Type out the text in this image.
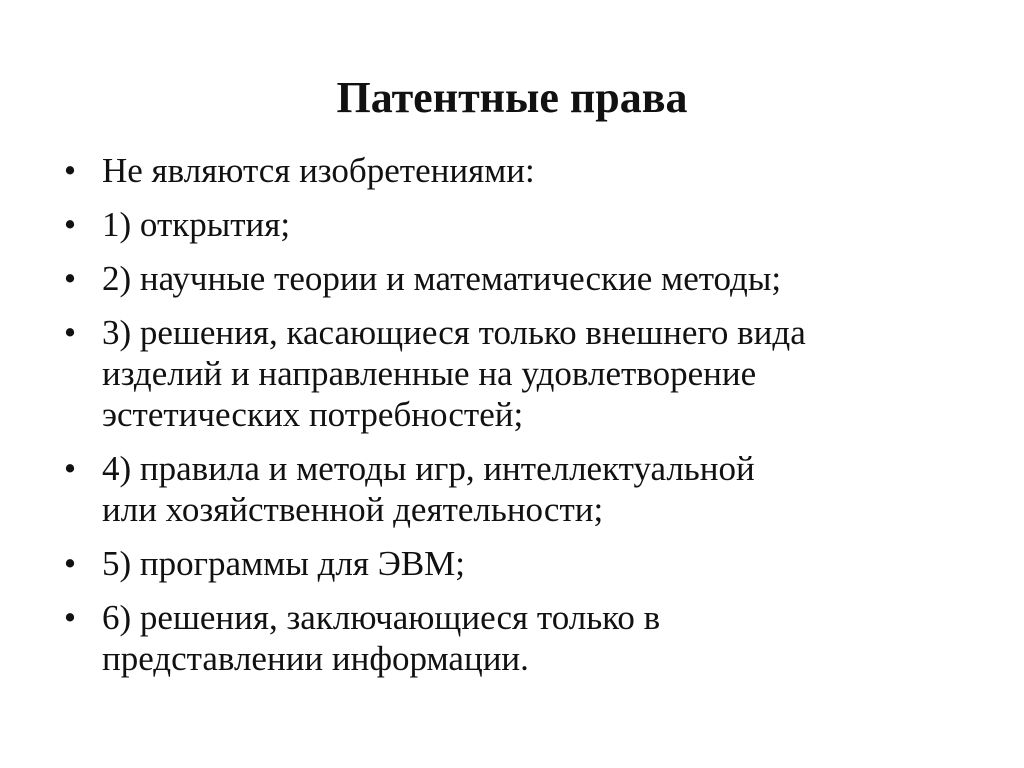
Патентные права
• Не являются изобретениями:
• 1) открытия;
• 2) научные теории и математические методы;
• 3) решения, касающиеся только внешнего вида
изделий и направленные на удовлетворение
эстетических потребностей;
• 4) правила и методы игр, интеллектуальной
или хозяйственной деятельности;
• 5) программы для ЭВМ;
• 6) решения, заключающиеся только в
представлении информации.
